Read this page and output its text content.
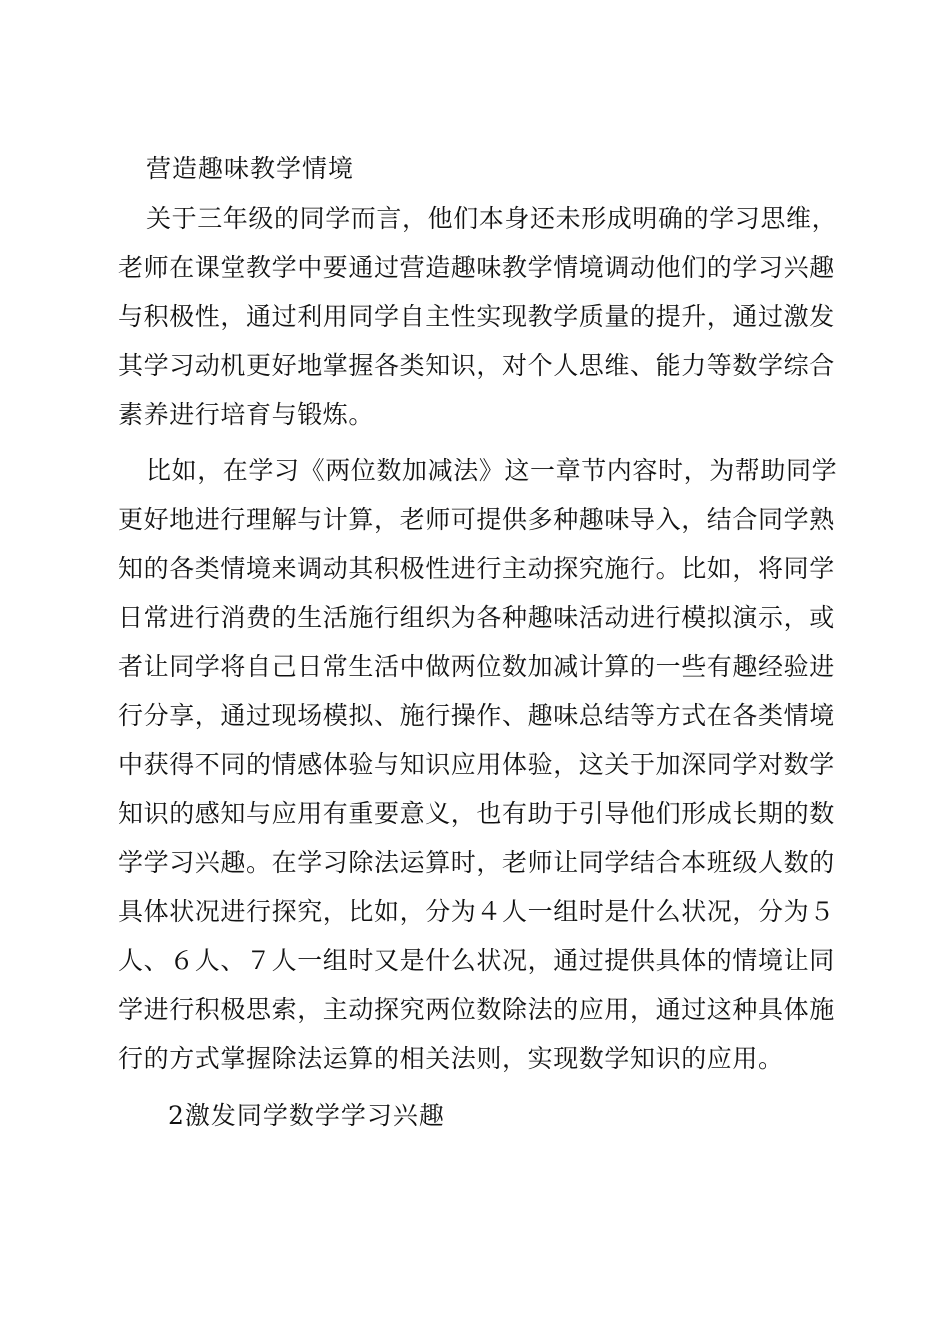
营造趣味教学情境
关于三年级的同学而言，他们本身还未形成明确的学习思维，
老师在课堂教学中要通过营造趣味教学情境调动他们的学习兴趣
与积极性，通过利用同学自主性实现教学质量的提升，通过激发
其学习动机更好地掌握各类知识，对个人思维、能力等数学综合
素养进行培育与锻炼。
比如，在学习《两位数加减法》这一章节内容时，为帮助同学
更好地进行理解与计算，老师可提供多种趣味导入，结合同学熟
知的各类情境来调动其积极性进行主动探究施行。比如，将同学
日常进行消费的生活施行组织为各种趣味活动进行模拟演示，或
者让同学将自己日常生活中做两位数加减计算的一些有趣经验进
行分享，通过现场模拟、施行操作、趣味总结等方式在各类情境
中获得不同的情感体验与知识应用体验，这关于加深同学对数学
知识的感知与应用有重要意义，也有助于引导他们形成长期的数
学学习兴趣。在学习除法运算时，老师让同学结合本班级人数的
具体状况进行探究，比如，分为４人一组时是什么状况，分为５
人、６人、７人一组时又是什么状况，通过提供具体的情境让同
学进行积极思索，主动探究两位数除法的应用，通过这种具体施
行的方式掌握除法运算的相关法则，实现数学知识的应用。
2激发同学数学学习兴趣
